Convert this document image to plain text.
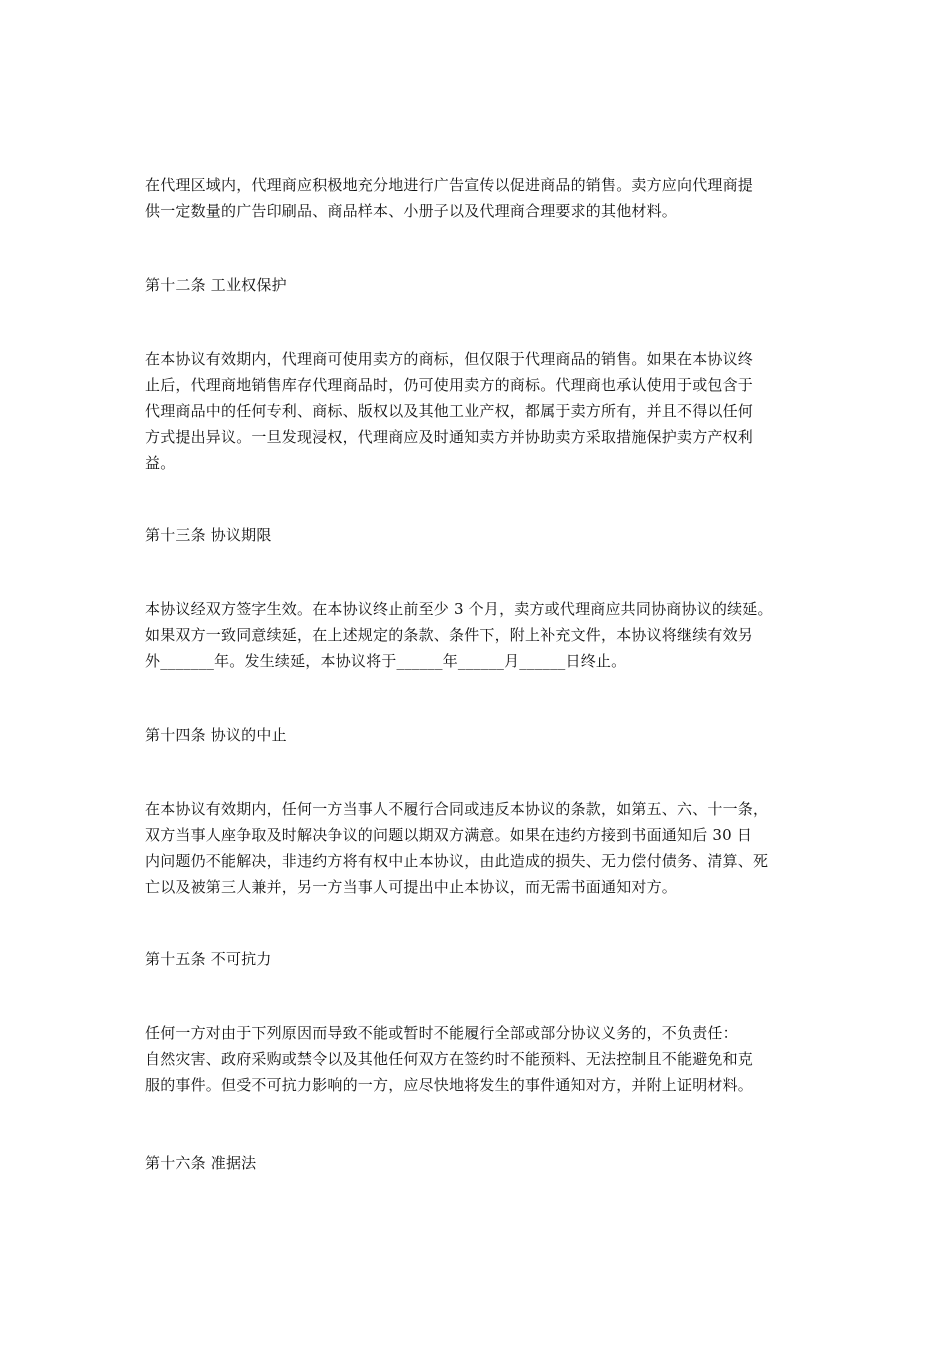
在代理区域内，代理商应积极地充分地进行广告宣传以促进商品的销售。卖方应向代理商提
供一定数量的广告印刷品、商品样本、小册子以及代理商合理要求的其他材料。
第十二条 工业权保护
在本协议有效期内，代理商可使用卖方的商标，但仅限于代理商品的销售。如果在本协议终
止后，代理商地销售库存代理商品时，仍可使用卖方的商标。代理商也承认使用于或包含于
代理商品中的任何专利、商标、版权以及其他工业产权，都属于卖方所有，并且不得以任何
方式提出异议。一旦发现浸权，代理商应及时通知卖方并协助卖方采取措施保护卖方产权利
益。
第十三条 协议期限
本协议经双方签字生效。在本协议终止前至少 3 个月，卖方或代理商应共同协商协议的续延。
如果双方一致同意续延，在上述规定的条款、条件下，附上补充文件，本协议将继续有效另
外_______年。发生续延，本协议将于______年______月______日终止。
第十四条 协议的中止
在本协议有效期内，任何一方当事人不履行合同或违反本协议的条款，如第五、六、十一条，
双方当事人座争取及时解决争议的问题以期双方满意。如果在违约方接到书面通知后 30 日
内问题仍不能解决，非违约方将有权中止本协议，由此造成的损失、无力偿付债务、清算、死
亡以及被第三人兼并，另一方当事人可提出中止本协议，而无需书面通知对方。
第十五条 不可抗力
任何一方对由于下列原因而导致不能或暂时不能履行全部或部分协议义务的，不负责任：
自然灾害、政府采购或禁令以及其他任何双方在签约时不能预料、无法控制且不能避免和克
服的事件。但受不可抗力影响的一方，应尽快地将发生的事件通知对方，并附上证明材料。
第十六条 准据法
